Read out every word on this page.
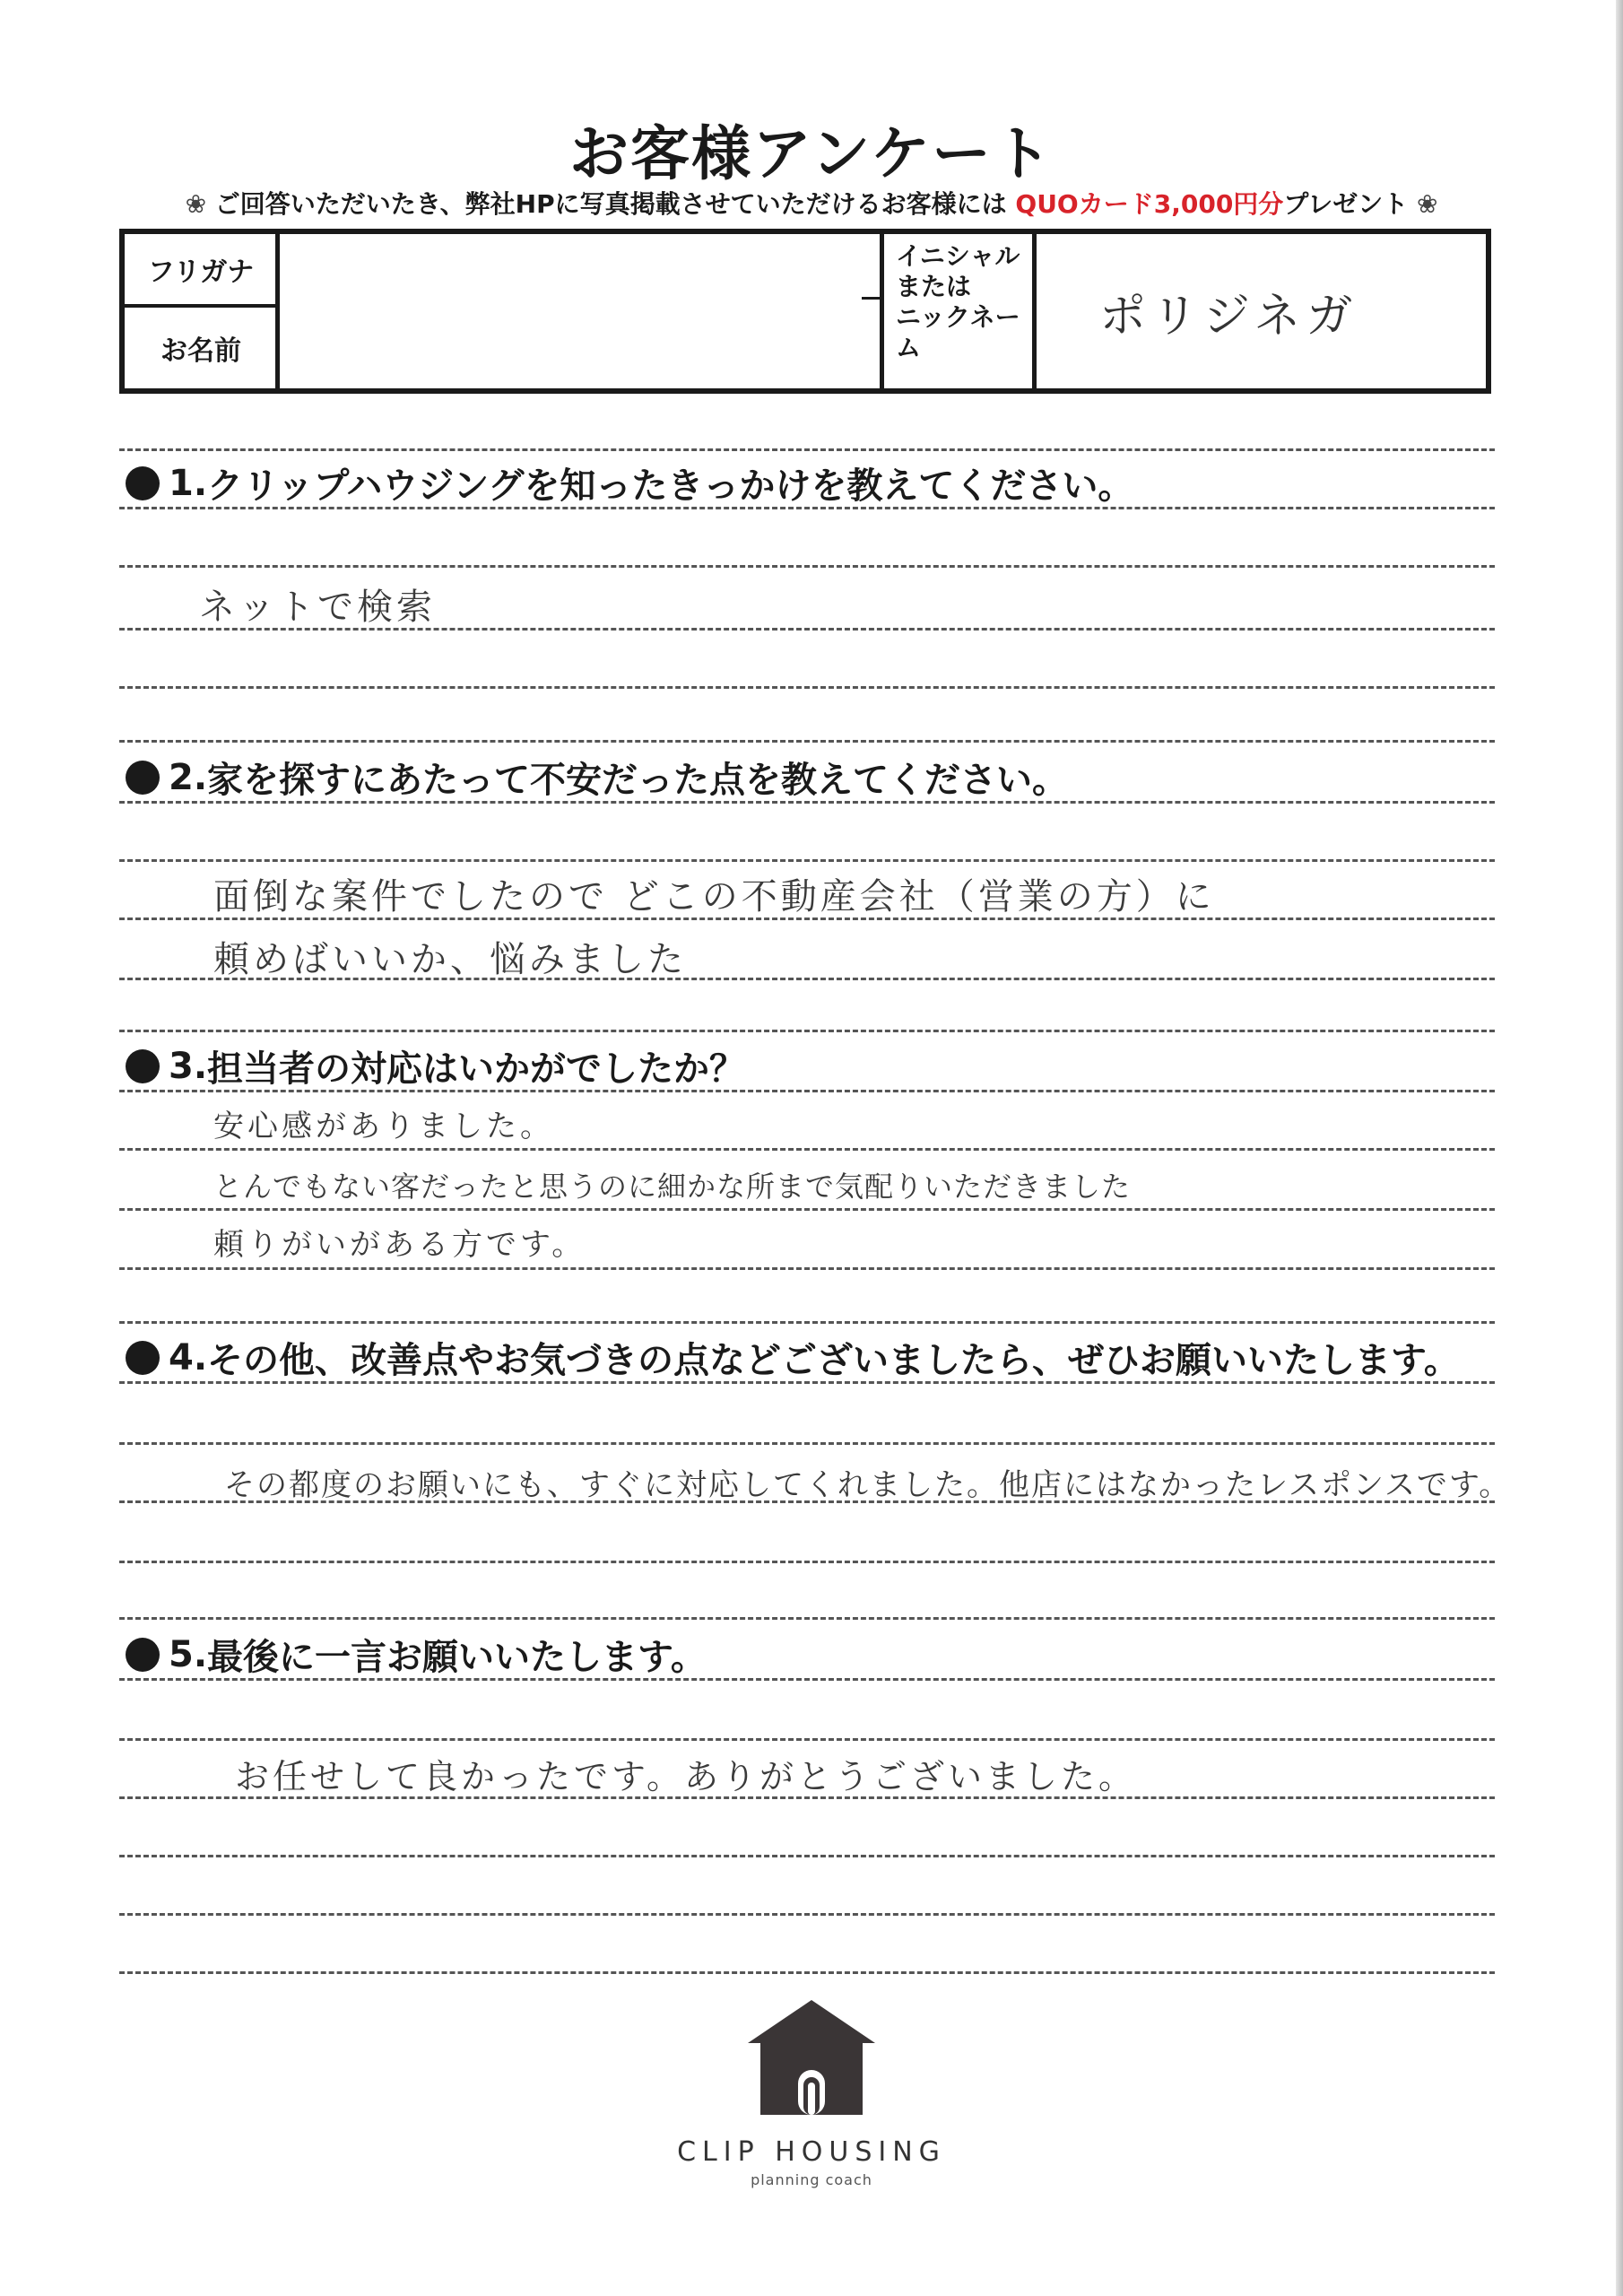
お客様アンケート
❀ ご回答いただいたき、弊社HPに写真掲載させていただけるお客様には QUOカード3,000円分プレゼント ❀
フリガナ
お名前
イニシャル
または
ニックネー
ム
ポリジネガ
1. クリップハウジングを知ったきっかけを教えてください。
ネットで検索
2. 家を探すにあたって不安だった点を教えてください。
面倒な案件でしたので どこの不動産会社（営業の方）に
頼めばいいか、悩みました
3. 担当者の対応はいかがでしたか？
安心感がありました。
とんでもない客だったと思うのに細かな所まで気配りいただきました
頼りがいがある方です。
4. その他、改善点やお気づきの点などございましたら、ぜひお願いいたします。
その都度のお願いにも、すぐに対応してくれました。他店にはなかったレスポンスです。
5. 最後に一言お願いいたします。
お任せして良かったです。ありがとうございました。
CLIP HOUSING
planning coach
